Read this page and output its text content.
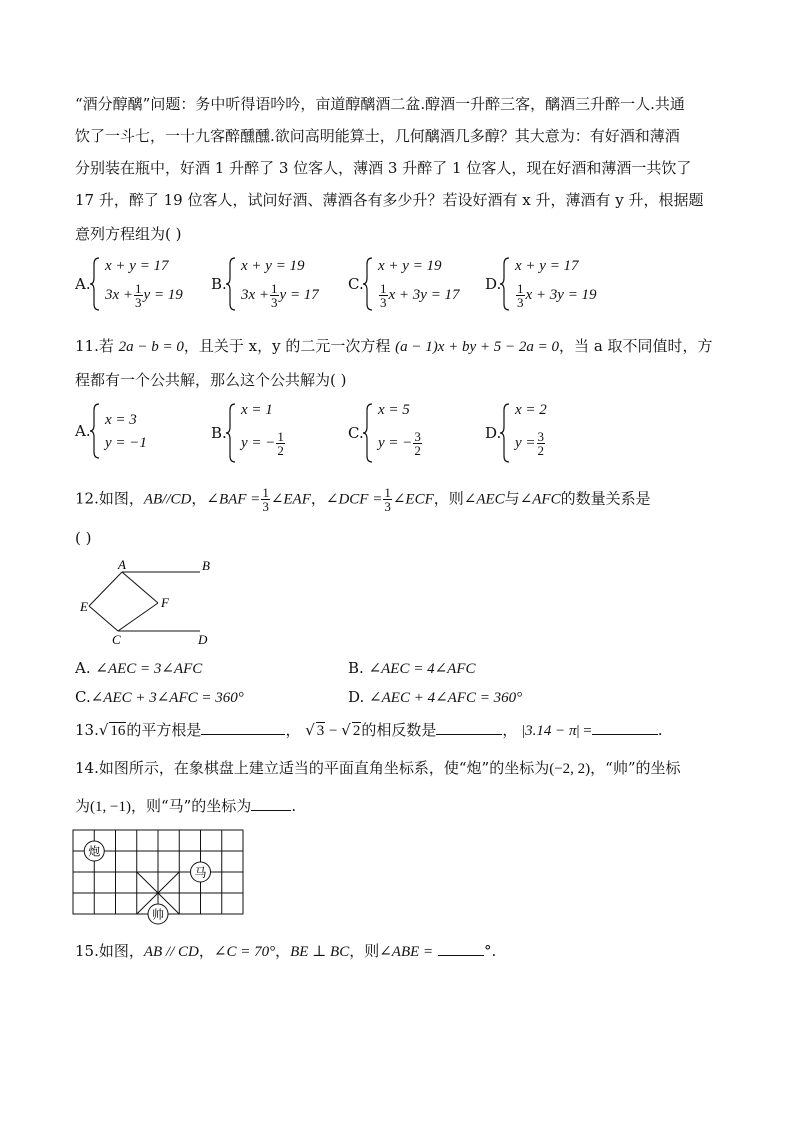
“酒分醇醨”问题：务中听得语吟吟，亩道醇醨酒二盆.醇酒一升醉三客，醨酒三升醉一人.共通
饮了一斗七，一十九客醉醺醺.欲问高明能算士，几何醨酒几多醇？其大意为：有好酒和薄酒
分别装在瓶中，好酒 1 升醉了 3 位客人，薄酒 3 升醉了 1 位客人，现在好酒和薄酒一共饮了
17 升，醉了 19 位客人，试问好酒、薄酒各有多少升？若设好酒有 x 升，薄酒有 y 升，根据题
意列方程组为( )
A.
x + y = 17
$3x + \frac{1}{3}$ y = 19
B.
x + y = 19
$3x + \frac{1}{3}$ y = 17
C.
x + y = 19
$\frac{1}{3}$ x + 3y = 17
D.
x + y = 17
$\frac{1}{3}$ x + 3y = 19
11.若 2a − b = 0，且关于 x，y 的二元一次方程 (a − 1)x + by + 5 − 2a = 0，当 a 取不同值时，方
程都有一个公共解，那么这个公共解为( )
A.
x = 3
y = −1
B.
x = 1
y = − $\frac{1}{2}$	C.
x = 5
y = − $\frac{3}{2}$	D.
x = 2
$y = \frac{3}{2}$
12.如图，AB//CD，∠BAF = $\frac{1}{3}$ ∠EAF，∠DCF = $\frac{1}{3}$ ∠ECF，则∠AEC与∠AFC的数量关系是
( )
A	B
E	F
C	D
A. ∠AEC = 3∠AFC	B. ∠AEC = 4∠AFC
C.∠AEC + 3∠AFC = 360°	D. ∠AEC + 4∠AFC = 360°
13.√ 16的平方根是	， √ 3 − √ 2的相反数是	， |3.14 − π| =	.
14.如图所示，在象棋盘上建立适当的平面直角坐标系，使“炮”的坐标为(−2, 2)，“帅”的坐标
为(1, −1)，则“马”的坐标为	.
炮
马
帅
15.如图，AB // CD，∠C = 70°，BE ⊥ BC，则∠ABE =	°.
